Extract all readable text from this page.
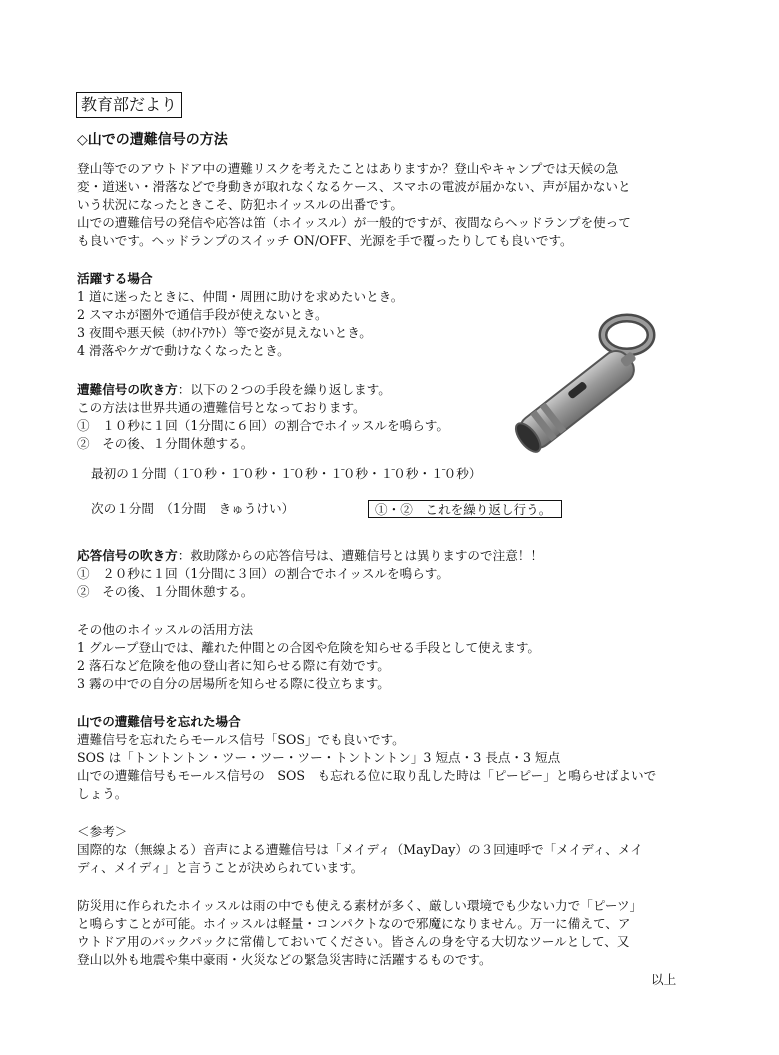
教育部だより
◇山での遭難信号の方法
登山等でのアウトドア中の遭難リスクを考えたことはありますか？登山やキャンプでは天候の急
変・道迷い・滑落などで身動きが取れなくなるケース、スマホの電波が届かない、声が届かないと
いう状況になったときこそ、防犯ホイッスルの出番です。
山での遭難信号の発信や応答は笛（ホイッスル）が一般的ですが、夜間ならヘッドランプを使って
も良いです。ヘッドランプのスイッチ ON/OFF、光源を手で覆ったりしても良いです。
活躍する場合
1 道に迷ったときに、仲間・周囲に助けを求めたいとき。
2 スマホが圏外で通信手段が使えないとき。
3 夜間や悪天候（ﾎﾜｲﾄｱｳﾄ）等で姿が見えないとき。
4 滑落やケガで動けなくなったとき。
遭難信号の吹き方：以下の２つの手段を繰り返します。
この方法は世界共通の遭難信号となっております。
①　１０秒に１回（1分間に６回）の割合でホイッスルを鳴らす。
②　その後、１分間休憩する。
最初の１分間（１̄０秒・１̄０秒・１̄０秒・１̄０秒・１̄０秒・１̄０秒）
次の１分間　（1分間　きゅうけい）	①・②　これを繰り返し行う。
応答信号の吹き方：救助隊からの応答信号は、遭難信号とは異りますので注意！！
①　２０秒に１回（1分間に３回）の割合でホイッスルを鳴らす。
②　その後、１分間休憩する。
その他のホイッスルの活用方法
1 グループ登山では、離れた仲間との合図や危険を知らせる手段として使えます。
2 落石など危険を他の登山者に知らせる際に有効です。
3 霧の中での自分の居場所を知らせる際に役立ちます。
山での遭難信号を忘れた場合
遭難信号を忘れたらモールス信号「SOS」でも良いです。
SOS は「トントントン・ツー・ツー・ツー・トントントン」3 短点・3 長点・3 短点
山での遭難信号もモールス信号の　SOS　も忘れる位に取り乱した時は「ピーピー」と鳴らせばよいで
しょう。
＜参考＞
国際的な（無線よる）音声による遭難信号は「メイディ（MayDay）の３回連呼で「メイディ、メイ
ディ、メイディ」と言うことが決められています。
防災用に作られたホイッスルは雨の中でも使える素材が多く、厳しい環境でも少ない力で「ピーツ」
と鳴らすことが可能。ホイッスルは軽量・コンパクトなので邪魔になりません。万一に備えて、ア
ウトドア用のバックパックに常備しておいてください。皆さんの身を守る大切なツールとして、又
登山以外も地震や集中豪雨・火災などの緊急災害時に活躍するものです。
以上
